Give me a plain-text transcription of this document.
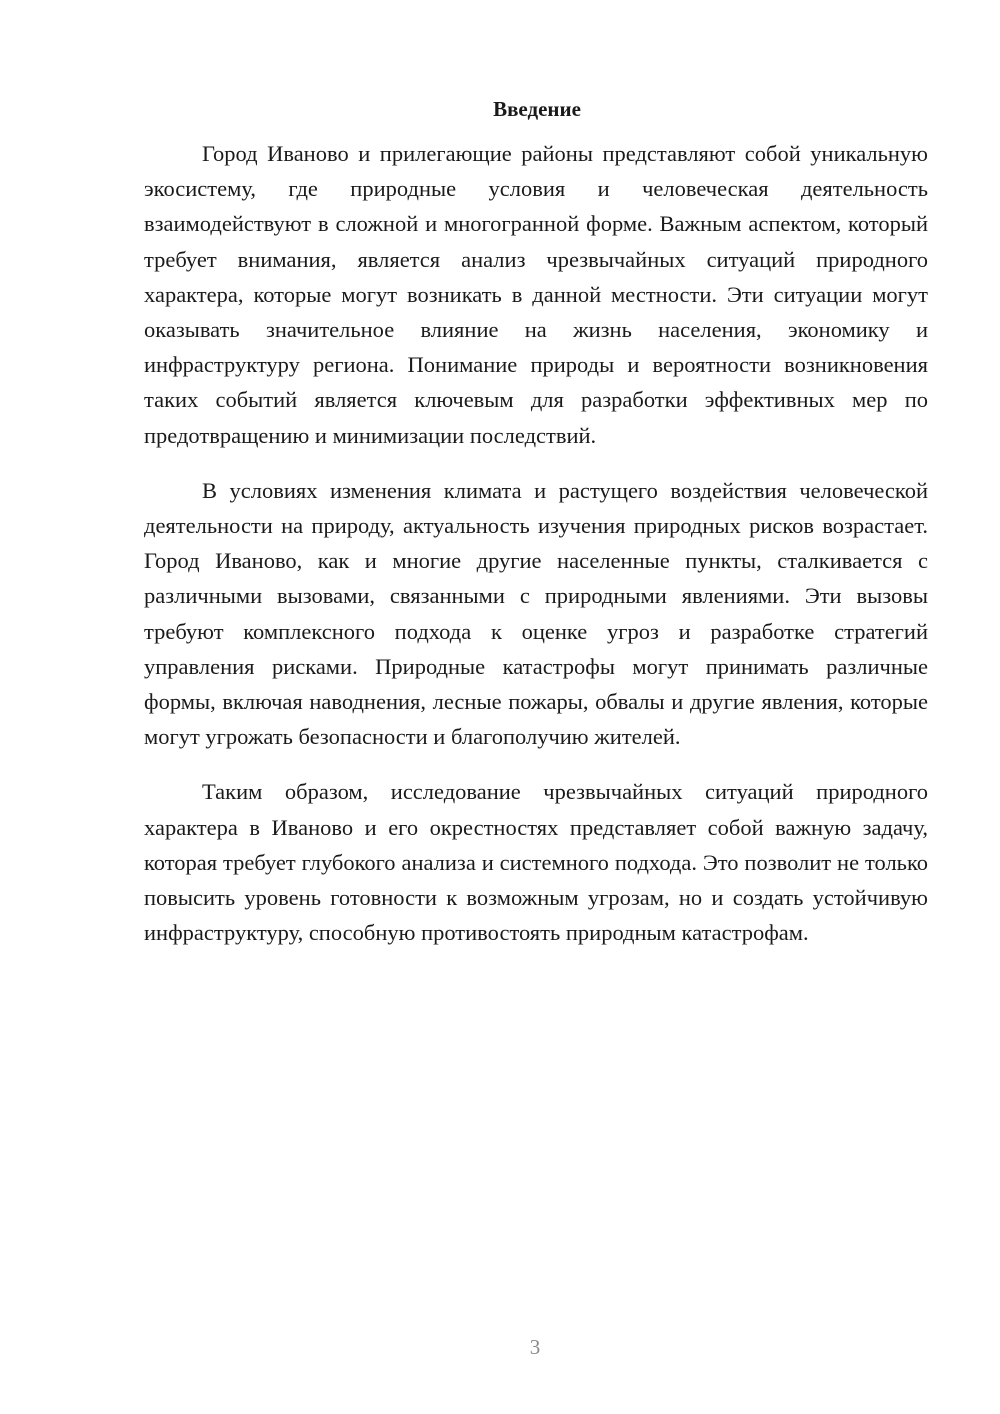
Введение

Город Иваново и прилегающие районы представляют собой уникальную экосистему, где природные условия и человеческая деятельность взаимодействуют в сложной и многогранной форме. Важным аспектом, который требует внимания, является анализ чрезвычайных ситуаций природного характера, которые могут возникать в данной местности. Эти ситуации могут оказывать значительное влияние на жизнь населения, экономику и инфраструктуру региона. Понимание природы и вероятности возникновения таких событий является ключевым для разработки эффективных мер по предотвращению и минимизации последствий.

В условиях изменения климата и растущего воздействия человеческой деятельности на природу, актуальность изучения природных рисков возрастает. Город Иваново, как и многие другие населенные пункты, сталкивается с различными вызовами, связанными с природными явлениями. Эти вызовы требуют комплексного подхода к оценке угроз и разработке стратегий управления рисками. Природные катастрофы могут принимать различные формы, включая наводнения, лесные пожары, обвалы и другие явления, которые могут угрожать безопасности и благополучию жителей.

Таким образом, исследование чрезвычайных ситуаций природного характера в Иваново и его окрестностях представляет собой важную задачу, которая требует глубокого анализа и системного подхода. Это позволит не только повысить уровень готовности к возможным угрозам, но и создать устойчивую инфраструктуру, способную противостоять природным катастрофам.

3
